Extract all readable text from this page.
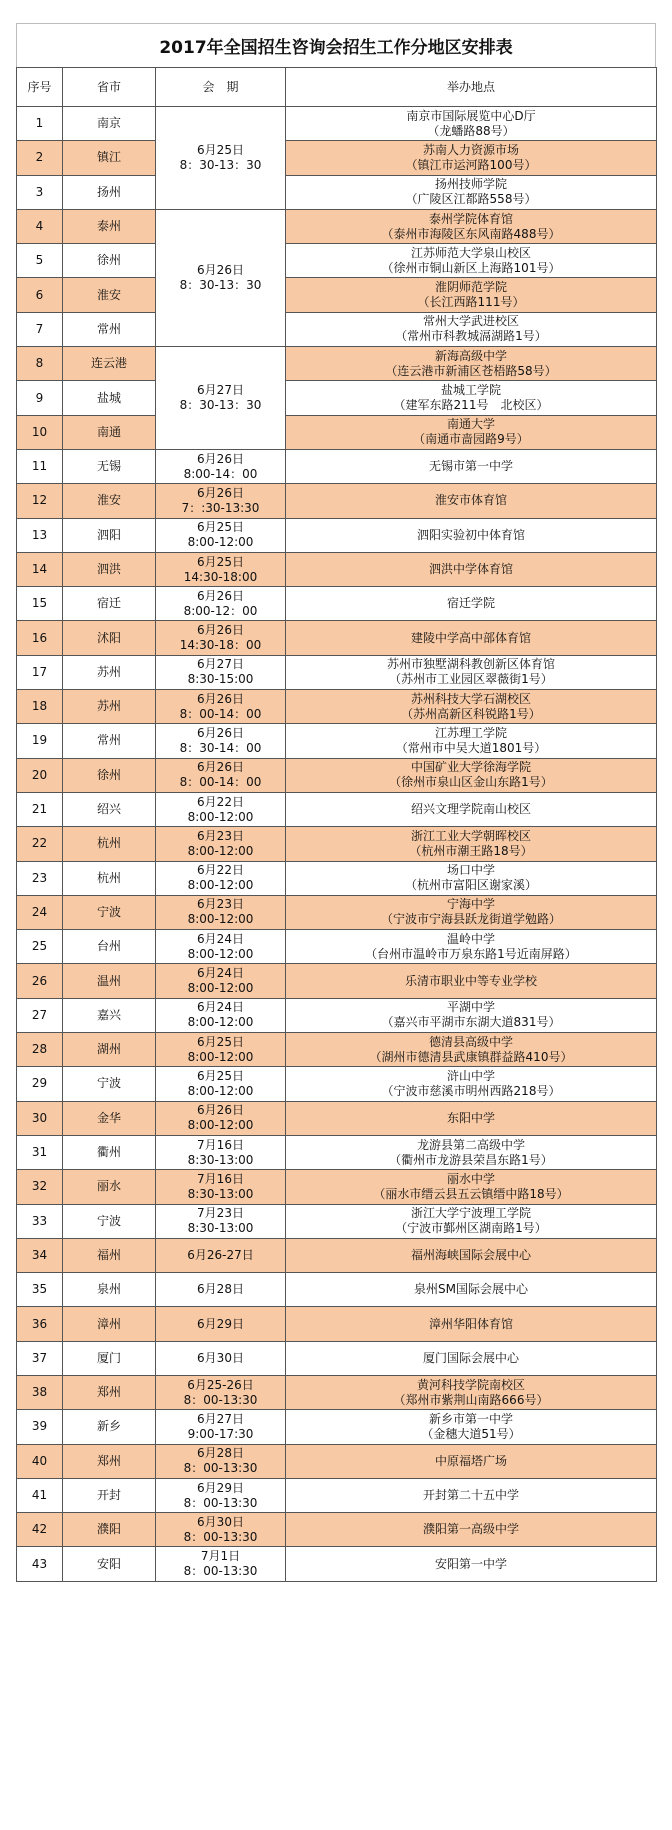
2017年全国招生咨询会招生工作分地区安排表
序号	省市	会　期	举办地点
1	南京	6月25日
8：30-13：30	南京市国际展览中心D厅
（龙蟠路88号）
2	镇江		苏南人力资源市场
（镇江市运河路100号）
3	扬州		扬州技师学院
（广陵区江都路558号）
4	泰州	6月26日
8：30-13：30	泰州学院体育馆
（泰州市海陵区东风南路488号）
5	徐州		江苏师范大学泉山校区
（徐州市铜山新区上海路101号）
6	淮安		淮阴师范学院
（长江西路111号）
7	常州		常州大学武进校区
（常州市科教城滆湖路1号）
8	连云港	6月27日
8：30-13：30	新海高级中学
（连云港市新浦区苍梧路58号）
9	盐城		盐城工学院
（建军东路211号　北校区）
10	南通		南通大学
（南通市啬园路9号）
11	无锡	6月26日
8:00-14：00	无锡市第一中学
12	淮安	6月26日
7：:30-13:30	淮安市体育馆
13	泗阳	6月25日
8:00-12:00	泗阳实验初中体育馆
14	泗洪	6月25日
14:30-18:00	泗洪中学体育馆
15	宿迁	6月26日
8:00-12：00	宿迁学院
16	沭阳	6月26日
14:30-18：00	建陵中学高中部体育馆
17	苏州	6月27日
8:30-15:00	苏州市独墅湖科教创新区体育馆
（苏州市工业园区翠薇街1号）
18	苏州	6月26日
8：00-14：00	苏州科技大学石湖校区
（苏州高新区科锐路1号）
19	常州	6月26日
8：30-14：00	江苏理工学院
（常州市中吴大道1801号）
20	徐州	6月26日
8：00-14：00	中国矿业大学徐海学院
（徐州市泉山区金山东路1号）
21	绍兴	6月22日
8:00-12:00	绍兴文理学院南山校区
22	杭州	6月23日
8:00-12:00	浙江工业大学朝晖校区
（杭州市潮王路18号）
23	杭州	6月22日
8:00-12:00	场口中学
（杭州市富阳区谢家溪）
24	宁波	6月23日
8:00-12:00	宁海中学
（宁波市宁海县跃龙街道学勉路）
25	台州	6月24日
8:00-12:00	温岭中学
（台州市温岭市万泉东路1号近南屏路）
26	温州	6月24日
8:00-12:00	乐清市职业中等专业学校
27	嘉兴	6月24日
8:00-12:00	平湖中学
（嘉兴市平湖市东湖大道831号）
28	湖州	6月25日
8:00-12:00	德清县高级中学
（湖州市德清县武康镇群益路410号）
29	宁波	6月25日
8:00-12:00	浒山中学
（宁波市慈溪市明州西路218号）
30	金华	6月26日
8:00-12:00	东阳中学
31	衢州	7月16日
8:30-13:00	龙游县第二高级中学
（衢州市龙游县荣昌东路1号）
32	丽水	7月16日
8:30-13:00	丽水中学
（丽水市缙云县五云镇缙中路18号）
33	宁波	7月23日
8:30-13:00	浙江大学宁波理工学院
（宁波市鄞州区湖南路1号）
34	福州	6月26-27日	福州海峡国际会展中心
35	泉州	6月28日	泉州SM国际会展中心
36	漳州	6月29日	漳州华阳体育馆
37	厦门	6月30日	厦门国际会展中心
38	郑州	6月25-26日
8：00-13:30	黄河科技学院南校区
（郑州市紫荆山南路666号）
39	新乡	6月27日
9:00-17:30	新乡市第一中学
（金穗大道51号）
40	郑州	6月28日
8：00-13:30	中原福塔广场
41	开封	6月29日
8：00-13:30	开封第二十五中学
42	濮阳	6月30日
8：00-13:30	濮阳第一高级中学
43	安阳	7月1日
8：00-13:30	安阳第一中学
